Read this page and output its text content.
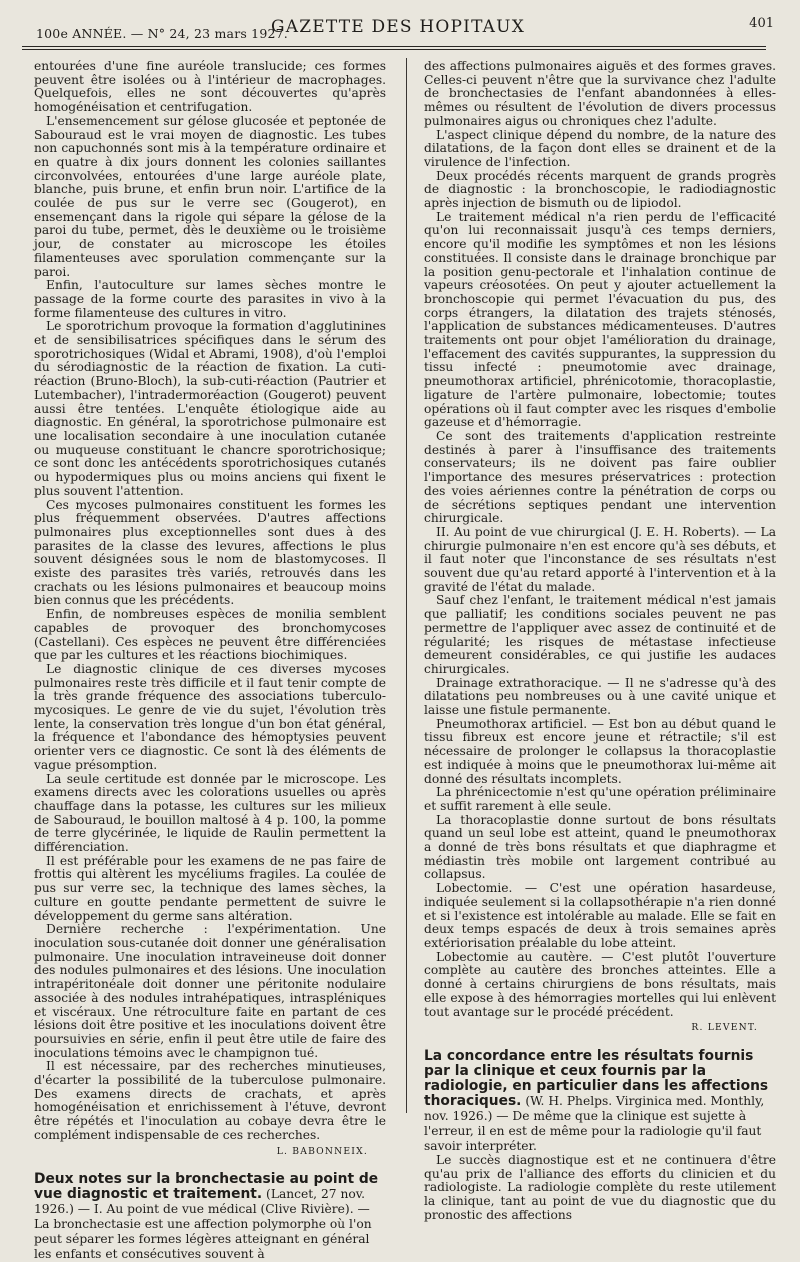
100e ANNÉE. — N° 24, 23 mars 1927.
GAZETTE DES HOPITAUX	401

entourées d'une fine auréole translucide; ces formes peuvent être isolées ou à l'intérieur de macrophages. Quelquefois, elles ne sont découvertes qu'après homogénéisation et centrifugation.

L'ensemencement sur gélose glucosée et peptonée de Sabouraud est le vrai moyen de diagnostic. Les tubes non capuchonnés sont mis à la température ordinaire et en quatre à dix jours donnent les colonies saillantes circonvolvées, entourées d'une large auréole plate, blanche, puis brune, et enfin brun noir. L'artifice de la coulée de pus sur le verre sec (Gougerot), en ensemençant dans la rigole qui sépare la gélose de la paroi du tube, permet, dès le deuxième ou le troisième jour, de constater au microscope les étoiles filamenteuses avec sporulation commençante sur la paroi.

Enfin, l'autoculture sur lames sèches montre le passage de la forme courte des parasites in vivo à la forme filamenteuse des cultures in vitro.

Le sporotrichum provoque la formation d'agglutinines et de sensibilisatrices spécifiques dans le sérum des sporotrichosiques (Widal et Abrami, 1908), d'où l'emploi du sérodiagnostic de la réaction de fixation. La cuti-réaction (Bruno-Bloch), la sub-cuti-réaction (Pautrier et Lutembacher), l'intradermoréaction (Gougerot) peuvent aussi être tentées. L'enquête étiologique aide au diagnostic. En général, la sporotrichose pulmonaire est une localisation secondaire à une inoculation cutanée ou muqueuse constituant le chancre sporotrichosique; ce sont donc les antécédents sporotrichosiques cutanés ou hypodermiques plus ou moins anciens qui fixent le plus souvent l'attention.

Ces mycoses pulmonaires constituent les formes les plus fréquemment observées. D'autres affections pulmonaires plus exceptionnelles sont dues à des parasites de la classe des levures, affections le plus souvent désignées sous le nom de blastomycoses. Il existe des parasites très variés, retrouvés dans les crachats ou les lésions pulmonaires et beaucoup moins bien connus que les précédents.

Enfin, de nombreuses espèces de monilia semblent capables de provoquer des bronchomycoses (Castellani). Ces espèces ne peuvent être différenciées que par les cultures et les réactions biochimiques.

Le diagnostic clinique de ces diverses mycoses pulmonaires reste très difficile et il faut tenir compte de la très grande fréquence des associations tuberculo-mycosiques. Le genre de vie du sujet, l'évolution très lente, la conservation très longue d'un bon état général, la fréquence et l'abondance des hémoptysies peuvent orienter vers ce diagnostic. Ce sont là des éléments de vague présomption.

La seule certitude est donnée par le microscope. Les examens directs avec les colorations usuelles ou après chauffage dans la potasse, les cultures sur les milieux de Sabouraud, le bouillon maltosé à 4 p. 100, la pomme de terre glycérinée, le liquide de Raulin permettent la différenciation.

Il est préférable pour les examens de ne pas faire de frottis qui altèrent les mycéliums fragiles. La coulée de pus sur verre sec, la technique des lames sèches, la culture en goutte pendante permettent de suivre le développement du germe sans altération.

Dernière recherche : l'expérimentation. Une inoculation sous-cutanée doit donner une généralisation pulmonaire. Une inoculation intraveineuse doit donner des nodules pulmonaires et des lésions. Une inoculation intrapéritonéale doit donner une péritonite nodulaire associée à des nodules intrahépatiques, intraspléniques et viscéraux. Une rétroculture faite en partant de ces lésions doit être positive et les inoculations doivent être poursuivies en série, enfin il peut être utile de faire des inoculations témoins avec le champignon tué.

Il est nécessaire, par des recherches minutieuses, d'écarter la possibilité de la tuberculose pulmonaire. Des examens directs de crachats, et après homogénéisation et enrichissement à l'étuve, devront être répétés et l'inoculation au cobaye devra être le complément indispensable de ces recherches.

L. BABONNEIX.
Deux notes sur la bronchectasie au point de vue diagnostic et traitement. (Lancet, 27 nov. 1926.) — I. Au point de vue médical (Clive Rivière). — La bronchectasie est une affection polymorphe où l'on peut séparer les formes légères atteignant en général les enfants et consécutives souvent à

des affections pulmonaires aiguës et des formes graves. Celles-ci peuvent n'être que la survivance chez l'adulte de bronchectasies de l'enfant abandonnées à elles-mêmes ou résultent de l'évolution de divers processus pulmonaires aigus ou chroniques chez l'adulte.

L'aspect clinique dépend du nombre, de la nature des dilatations, de la façon dont elles se drainent et de la virulence de l'infection.

Deux procédés récents marquent de grands progrès de diagnostic : la bronchoscopie, le radiodiagnostic après injection de bismuth ou de lipiodol.

Le traitement médical n'a rien perdu de l'efficacité qu'on lui reconnaissait jusqu'à ces temps derniers, encore qu'il modifie les symptômes et non les lésions constituées. Il consiste dans le drainage bronchique par la position genu-pectorale et l'inhalation continue de vapeurs créosotées. On peut y ajouter actuellement la bronchoscopie qui permet l'évacuation du pus, des corps étrangers, la dilatation des trajets sténosés, l'application de substances médicamenteuses. D'autres traitements ont pour objet l'amélioration du drainage, l'effacement des cavités suppurantes, la suppression du tissu infecté : pneumotomie avec drainage, pneumothorax artificiel, phrénicotomie, thoracoplastie, ligature de l'artère pulmonaire, lobectomie; toutes opérations où il faut compter avec les risques d'embolie gazeuse et d'hémorragie.

Ce sont des traitements d'application restreinte destinés à parer à l'insuffisance des traitements conservateurs; ils ne doivent pas faire oublier l'importance des mesures préservatrices : protection des voies aériennes contre la pénétration de corps ou de sécrétions septiques pendant une intervention chirurgicale.

II. Au point de vue chirurgical (J. E. H. Roberts). — La chirurgie pulmonaire n'en est encore qu'à ses débuts, et il faut noter que l'inconstance de ses résultats n'est souvent due qu'au retard apporté à l'intervention et à la gravité de l'état du malade.

Sauf chez l'enfant, le traitement médical n'est jamais que palliatif; les conditions sociales peuvent ne pas permettre de l'appliquer avec assez de continuité et de régularité; les risques de métastase infectieuse demeurent considérables, ce qui justifie les audaces chirurgicales.

Drainage extrathoracique. — Il ne s'adresse qu'à des dilatations peu nombreuses ou à une cavité unique et laisse une fistule permanente.

Pneumothorax artificiel. — Est bon au début quand le tissu fibreux est encore jeune et rétractile; s'il est nécessaire de prolonger le collapsus la thoracoplastie est indiquée à moins que le pneumothorax lui-même ait donné des résultats incomplets.

La phrénicectomie n'est qu'une opération préliminaire et suffit rarement à elle seule.

La thoracoplastie donne surtout de bons résultats quand un seul lobe est atteint, quand le pneumothorax a donné de très bons résultats et que diaphragme et médiastin très mobile ont largement contribué au collapsus.

Lobectomie. — C'est une opération hasardeuse, indiquée seulement si la collapsothérapie n'a rien donné et si l'existence est intolérable au malade. Elle se fait en deux temps espacés de deux à trois semaines après extériorisation préalable du lobe atteint.

Lobectomie au cautère. — C'est plutôt l'ouverture complète au cautère des bronches atteintes. Elle a donné à certains chirurgiens de bons résultats, mais elle expose à des hémorragies mortelles qui lui enlèvent tout avantage sur le procédé précédent.

R. LEVENT.
La concordance entre les résultats fournis par la clinique et ceux fournis par la radiologie, en particulier dans les affections thoraciques. (W. H. Phelps. Virginica med. Monthly, nov. 1926.) — De même que la clinique est sujette à l'erreur, il en est de même pour la radiologie qu'il faut savoir interpréter.

Le succès diagnostique est et ne continuera d'être qu'au prix de l'alliance des efforts du clinicien et du radiologiste. La radiologie complète du reste utilement la clinique, tant au point de vue du diagnostic que du pronostic des affections
